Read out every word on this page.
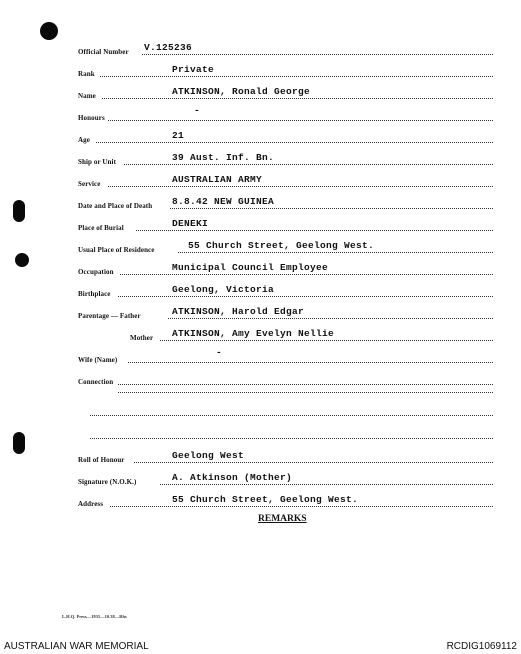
Official Number V.125236
Rank	Private
Name	ATKINSON, Ronald George
Honours
-
Age	21
Ship or Unit	39 Aust. Inf. Bn.
Service	AUSTRALIAN ARMY
Date and Place of Death 8.8.42 NEW GUINEA
Place of Burial	DENEKI
Usual Place of Residence	55 Church Street, Geelong West.
Occupation	Municipal Council Employee
Birthplace	Geelong, Victoria
Parentage — Father	ATKINSON, Harold Edgar
Mother ATKINSON, Amy Evelyn Nellie
Wife (Name)
-
Connection
Roll of Honour	Geelong West
Signature (N.O.K.)	A. Atkinson (Mother)
Address	55 Church Street, Geelong West.
REMARKS
L.H.Q. Press—1935—10.38—Rhs
AUSTRALIAN WAR MEMORIAL	RCDIG1069112
